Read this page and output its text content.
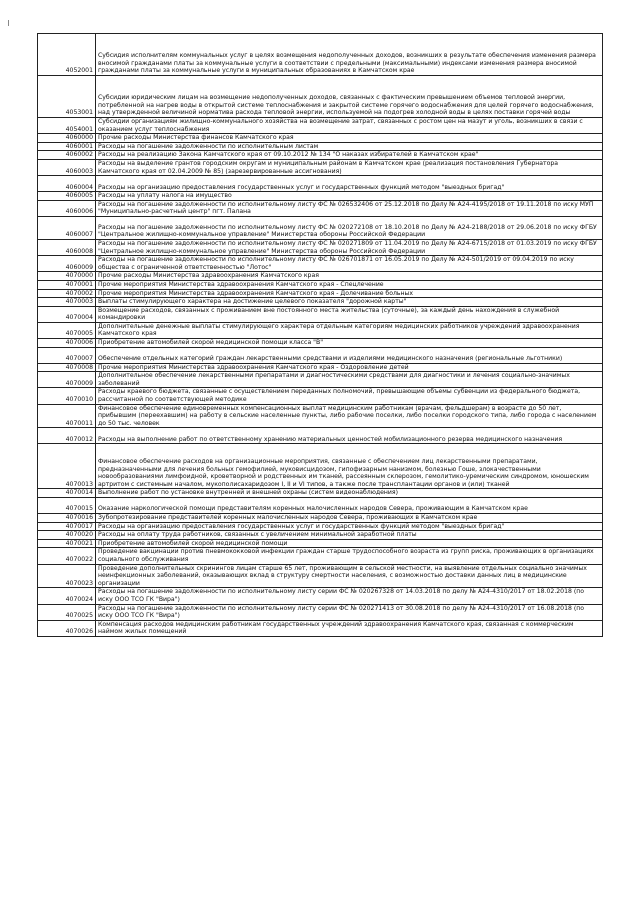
4052001	Субсидия исполнителям коммунальных услуг в целях возмещения недополученных доходов, возникших в результате обеспечения изменения размера вносимой гражданами платы за коммунальные услуги в соответствии с предельными (максимальными) индексами изменения размера вносимой гражданами платы за коммунальные услуги в муниципальных образованиях в Камчатском крае
4053001	Субсидии юридическим лицам на возмещение недополученных доходов, связанных с фактическим превышением объемов тепловой энергии, потребленной на нагрев воды в открытой системе теплоснабжения и закрытой системе горячего водоснабжения для целей горячего водоснабжения, над утвержденной величиной норматива расхода тепловой энергии, используемой на подогрев холодной воды в целях поставки горячей воды
4054001	Субсидии организациям жилищно-коммунального хозяйства на возмещение затрат, связанных с ростом цен на мазут и уголь, возникших в связи с оказанием услуг теплоснабжения
4060000	Прочие расходы Министерства финансов Камчатского края
4060001	Расходы на погашение задолженности по исполнительным листам
4060002	Расходы на реализацию Закона Камчатского края от 09.10.2012 № 134 "О наказах избирателей в Камчатском крае"
4060003	Расходы на выделение грантов городским округам и муниципальным районам в Камчатском крае (реализация постановления Губернатора Камчатского края от 02.04.2009 № 85) (зарезервированные ассигнования)
4060004	Расходы на организацию предоставления государственных услуг и государственных функций методом "выездных бригад"
4060005	Расходы на уплату налога на имущество
4060006	Расходы на погашение задолженности по исполнительному листу ФС № 026532406 от 25.12.2018 по Делу № А24-4195/2018 от 19.11.2018 по иску МУП "Муниципально-расчетный центр" пгт. Палана
4060007	Расходы на погашение задолженности по исполнительному листу ФС № 020272108 от 18.10.2018 по Делу № А24-2188/2018 от 29.06.2018 по иску ФГБУ "Центральное жилищно-коммунальное управление" Министерства обороны Российской Федерации
4060008	Расходы на погашение задолженности по исполнительному листу ФС № 020271809 от 11.04.2019 по Делу № А24-6715/2018 от 01.03.2019 по иску ФГБУ "Центральное жилищно-коммунальное управление" Министерства обороны Российской Федерации
4060009	Расходы на погашение задолженности по исполнительному листу ФС № 026701871 от 16.05.2019 по Делу № А24-501/2019 от 09.04.2019 по иску общества с ограниченной ответственностью "Лотос"
4070000	Прочие расходы Министерства здравоохранения Камчатского края
4070001	Прочие мероприятия Министерства здравоохранения Камчатского края - Спецлечение
4070002	Прочие мероприятия Министерства здравоохранения Камчатского края - Долечивание больных
4070003	Выплаты стимулирующего характера на достижение целевого показателя "дорожной карты"
4070004	Возмещение расходов, связанных с проживанием вне постоянного места жительства (суточные), за каждый день нахождения в служебной командировки
4070005	Дополнительные денежные выплаты стимулирующего характера отдельным категориям медицинских работников учреждений здравоохранения Камчатского края
4070006	Приобретение автомобилей скорой медицинской помощи класса "В"
4070007	Обеспечение отдельных категорий граждан лекарственными средствами и изделиями медицинского назначения (региональные льготники)
4070008	Прочие мероприятия Министерства здравоохранения Камчатского края - Оздоровление детей
4070009	Дополнительное обеспечение лекарственными препаратами и диагностическими средствами для диагностики и лечения социально-значимых заболеваний
4070010	Расходы краевого бюджета, связанные с осуществлением переданных полномочий, превышающие объемы субвенции из федерального бюджета, рассчитанной по соответствующей методике
4070011	Финансовое обеспечение единовременных компенсационных выплат медицинским работникам (врачам, фельдшерам) в возрасте до 50 лет, прибывшим (переехавшим) на работу в сельские населенные пункты, либо рабочие поселки, либо поселки городского типа, либо города с населением до 50 тыс. человек
4070012	Расходы на выполнение работ по ответственному хранению материальных ценностей мобилизационного резерва медицинского назначения
4070013	Финансовое обеспечение расходов на организационные мероприятия, связанные с обеспечением лиц лекарственными препаратами, предназначенными для лечения больных гемофилией, муковисцидозом, гипофизарным нанизмом, болезнью Гоше, злокачественными новообразованиями лимфоидной, кроветворной и родственных им тканей, рассеянным склерозом, гемолитико-уремическим синдромом, юношеским артритом с системным началом, мукополисахаридозом I, II и VI типов, а также после трансплантации органов и (или) тканей
4070014	Выполнение работ по установке внутренней и внешней охраны (систем видеонаблюдения)
4070015	Оказание наркологической помощи представителям коренных малочисленных народов Севера, проживающим в Камчатском крае
4070016	Зубопротезирование представителей коренных малочисленных народов Севера, проживающих в Камчатском крае
4070017	Расходы на организацию предоставления государственных услуг и государственных функций методом "выездных бригад"
4070020	Расходы на оплату труда работников, связанных с увеличением минимальной заработной платы
4070021	Приобретение автомобилей скорой медицинской помощи
4070022	Проведение вакцинации против пневмококковой инфекции граждан старше трудоспособного возраста из групп риска, проживающих в организациях социального обслуживания
4070023	Проведение дополнительных скринингов лицам старше 65 лет, проживающим в сельской местности, на выявление отдельных социально значимых неинфекционных заболеваний, оказывающих вклад в структуру смертности населения, с возможностью доставки данных лиц в медицинские организации
4070024	Расходы на погашение задолженности по исполнительному листу серии ФС № 020267328 от 14.03.2018 по делу № А24-4310/2017 от 18.02.2018 (по иску ООО ТСО ГК "Вира")
4070025	Расходы на погашение задолженности по исполнительному листу серии ФС № 020271413 от 30.08.2018 по делу № А24-4310/2017 от 16.08.2018 (по иску ООО ТСО ГК "Вира")
4070026	Компенсация расходов медицинским работникам государственных учреждений здравоохранения Камчатского края, связанная с коммерческим наймом жилых помещений
